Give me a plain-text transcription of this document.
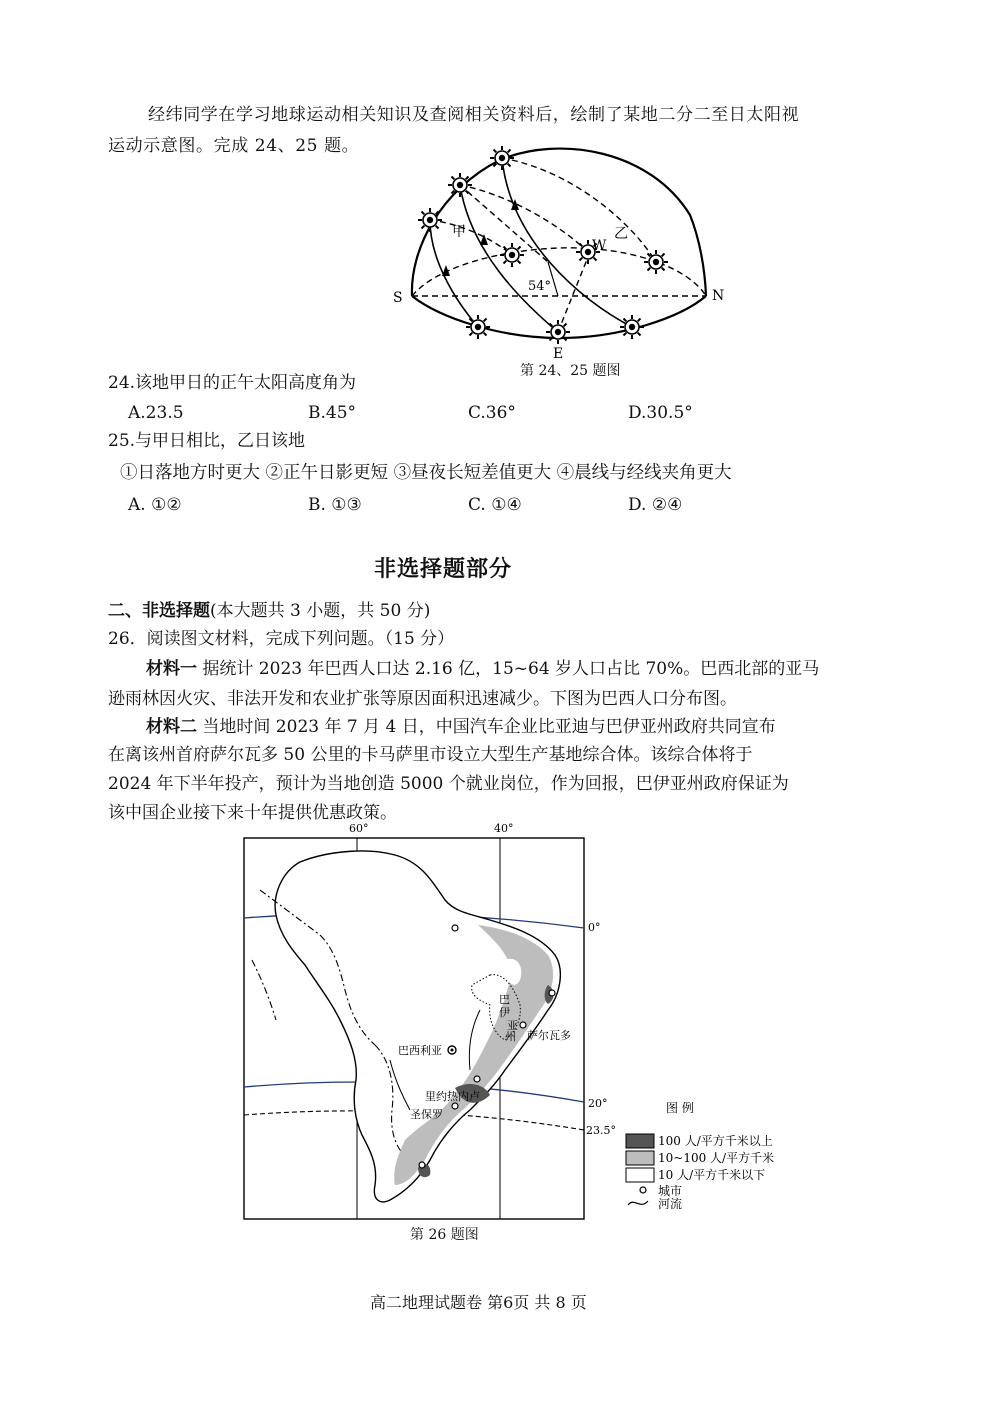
经纬同学在学习地球运动相关知识及查阅相关资料后，绘制了某地二分二至日太阳视
运动示意图。完成 24、25 题。
S	N
E
W
甲	乙
54°
第 24、25 题图
24.该地甲日的正午太阳高度角为
A.23.5	B.45°	C.36°	D.30.5°
25.与甲日相比，乙日该地
①日落地方时更大 ②正午日影更短 ③昼夜长短差值更大 ④晨线与经线夹角更大
A. ①②	B. ①③	C. ①④	D. ②④
非选择题部分
二、非选择题(本大题共 3 小题，共 50 分)
26．阅读图文材料，完成下列问题。（15 分）
材料一 据统计 2023 年巴西人口达 2.16 亿，15~64 岁人口占比 70%。巴西北部的亚马
逊雨林因火灾、非法开发和农业扩张等原因面积迅速减少。下图为巴西人口分布图。
材料二 当地时间 2023 年 7 月 4 日，中国汽车企业比亚迪与巴伊亚州政府共同宣布
在离该州首府萨尔瓦多 50 公里的卡马萨里市设立大型生产基地综合体。该综合体将于
2024 年下半年投产，预计为当地创造 5000 个就业岗位，作为回报，巴伊亚州政府保证为
该中国企业接下来十年提供优惠政策。
60°	40°
0°
20°
23.5°
巴西利亚
萨尔瓦多
巴
伊
亚
州
里约热内卢
圣保罗
第 26 题图
图 例
100 人/平方千米以上
10~100 人/平方千米
10 人/平方千米以下
城市
河流
高二地理试题卷 第6页 共 8 页
